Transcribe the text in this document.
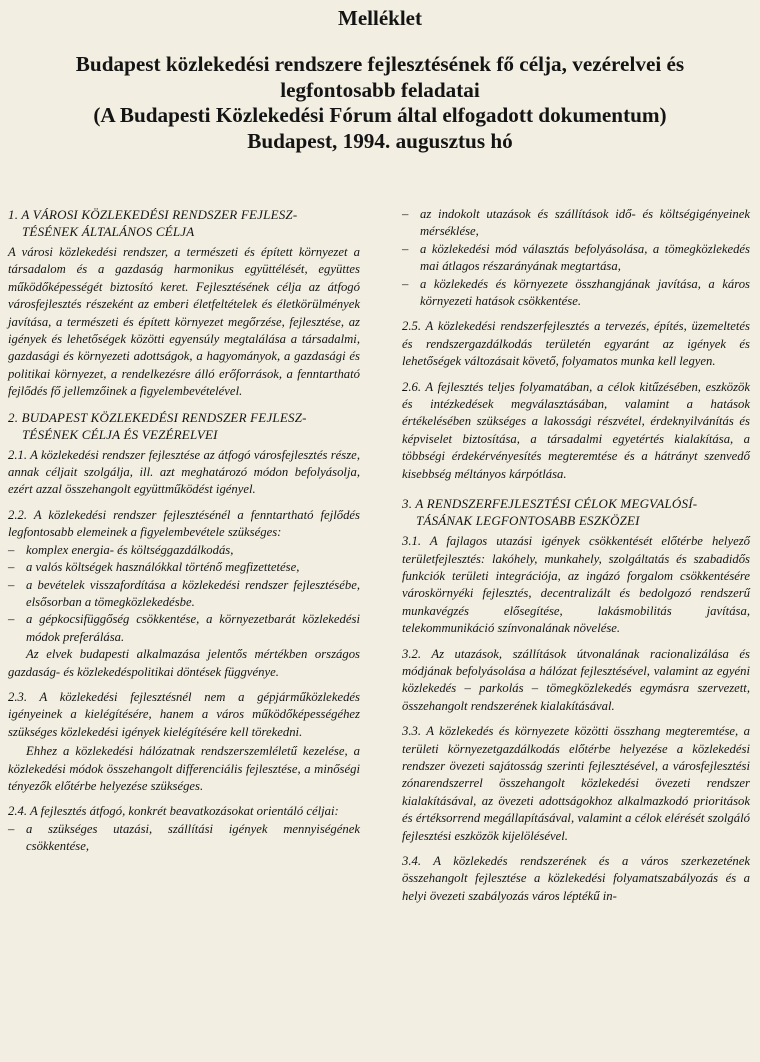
Melléklet
Budapest közlekedési rendszere fejlesztésének fő célja, vezérelvei és
legfontosabb feladatai
(A Budapesti Közlekedési Fórum által elfogadott dokumentum)
Budapest, 1994. augusztus hó
1. A VÁROSI KÖZLEKEDÉSI RENDSZER FEJLESZ-
TÉSÉNEK ÁLTALÁNOS CÉLJA

A városi közlekedési rendszer, a természeti és épített környezet a társadalom és a gazdaság harmonikus együttélését, együttes működőképességét biztosító keret. Fejlesztésének célja az átfogó városfejlesztés részeként az emberi életfeltételek és életkörülmények javítása, a természeti és épített környezet megőrzése, fejlesztése, az igények és lehetőségek közötti egyensúly megtalálása a társadalmi, gazdasági és környezeti adottságok, a hagyományok, a gazdasági és politikai környezet, a rendelkezésre álló erőforrások, a fenntartható fejlődés fő jellemzőinek a figyelembevételével.

2. BUDAPEST KÖZLEKEDÉSI RENDSZER FEJLESZ-
TÉSÉNEK CÉLJA ÉS VEZÉRELVEI

2.1. A közlekedési rendszer fejlesztése az átfogó városfejlesztés része, annak céljait szolgálja, ill. azt meghatározó módon befolyásolja, ezért azzal összehangolt együttműködést igényel.

2.2. A közlekedési rendszer fejlesztésénél a fenntartható fejlődés legfontosabb elemeinek a figyelembevétele szükséges:

– komplex energia- és költséggazdálkodás,
– a valós költségek használókkal történő megfizettetése,
– a bevételek visszafordítása a közlekedési rendszer fejlesztésébe, elsősorban a tömegközlekedésbe.
– a gépkocsifüggőség csökkentése, a környezetbarát közlekedési módok preferálása.

Az elvek budapesti alkalmazása jelentős mértékben országos gazdaság- és közlekedéspolitikai döntések függvénye.

2.3. A közlekedési fejlesztésnél nem a gépjárműközlekedés igényeinek a kielégítésére, hanem a város működőképességéhez szükséges közlekedési igények kielégítésére kell törekedni.

Ehhez a közlekedési hálózatnak rendszerszemléletű kezelése, a közlekedési módok összehangolt differenciális fejlesztése, a minőségi tényezők előtérbe helyezése szükséges.

2.4. A fejlesztés átfogó, konkrét beavatkozásokat orientáló céljai:

– a szükséges utazási, szállítási igények mennyiségének csökkentése,
– az indokolt utazások és szállítások idő- és költségigényeinek mérséklése,
– a közlekedési mód választás befolyásolása, a tömegközlekedés mai átlagos részarányának megtartása,
– a közlekedés és környezete összhangjának javítása, a káros környezeti hatások csökkentése.

2.5. A közlekedési rendszerfejlesztés a tervezés, építés, üzemeltetés és rendszergazdálkodás területén egyaránt az igények és lehetőségek változásait követő, folyamatos munka kell legyen.

2.6. A fejlesztés teljes folyamatában, a célok kitűzésében, eszközök és intézkedések megválasztásában, valamint a hatások értékelésében szükséges a lakossági részvétel, érdeknyilvánítás és képviselet biztosítása, a társadalmi egyetértés kialakítása, a többségi érdekérvényesítés megteremtése és a hátrányt szenvedő kisebbség méltányos kárpótlása.

3. A RENDSZERFEJLESZTÉSI CÉLOK MEGVALÓSÍ-
TÁSÁNAK LEGFONTOSABB ESZKÖZEI

3.1. A fajlagos utazási igények csökkentését előtérbe helyező területfejlesztés: lakóhely, munkahely, szolgáltatás és szabadidős funkciók területi integrációja, az ingázó forgalom csökkentésére városkörnyéki fejlesztés, decentralizált és bedolgozó rendszerű munkavégzés elősegítése, lakásmobilitás javítása, telekommunikáció színvonalának növelése.

3.2. Az utazások, szállítások útvonalának racionalizálása és módjának befolyásolása a hálózat fejlesztésével, valamint az egyéni közlekedés – parkolás – tömegközlekedés egymásra szervezett, összehangolt rendszerének kialakításával.

3.3. A közlekedés és környezete közötti összhang megteremtése, a területi környezetgazdálkodás előtérbe helyezése a közlekedési rendszer övezeti sajátosság szerinti fejlesztésével, a városfejlesztési zónarendszerrel összehangolt közlekedési övezeti rendszer kialakításával, az övezeti adottságokhoz alkalmazkodó prioritások és értéksorrend megállapításával, valamint a célok elérését szolgáló fejlesztési eszközök kijelölésével.

3.4. A közlekedés rendszerének és a város szerkezetének összehangolt fejlesztése a közlekedési folyamatszabályozás és a helyi övezeti szabályozás város léptékű in-
